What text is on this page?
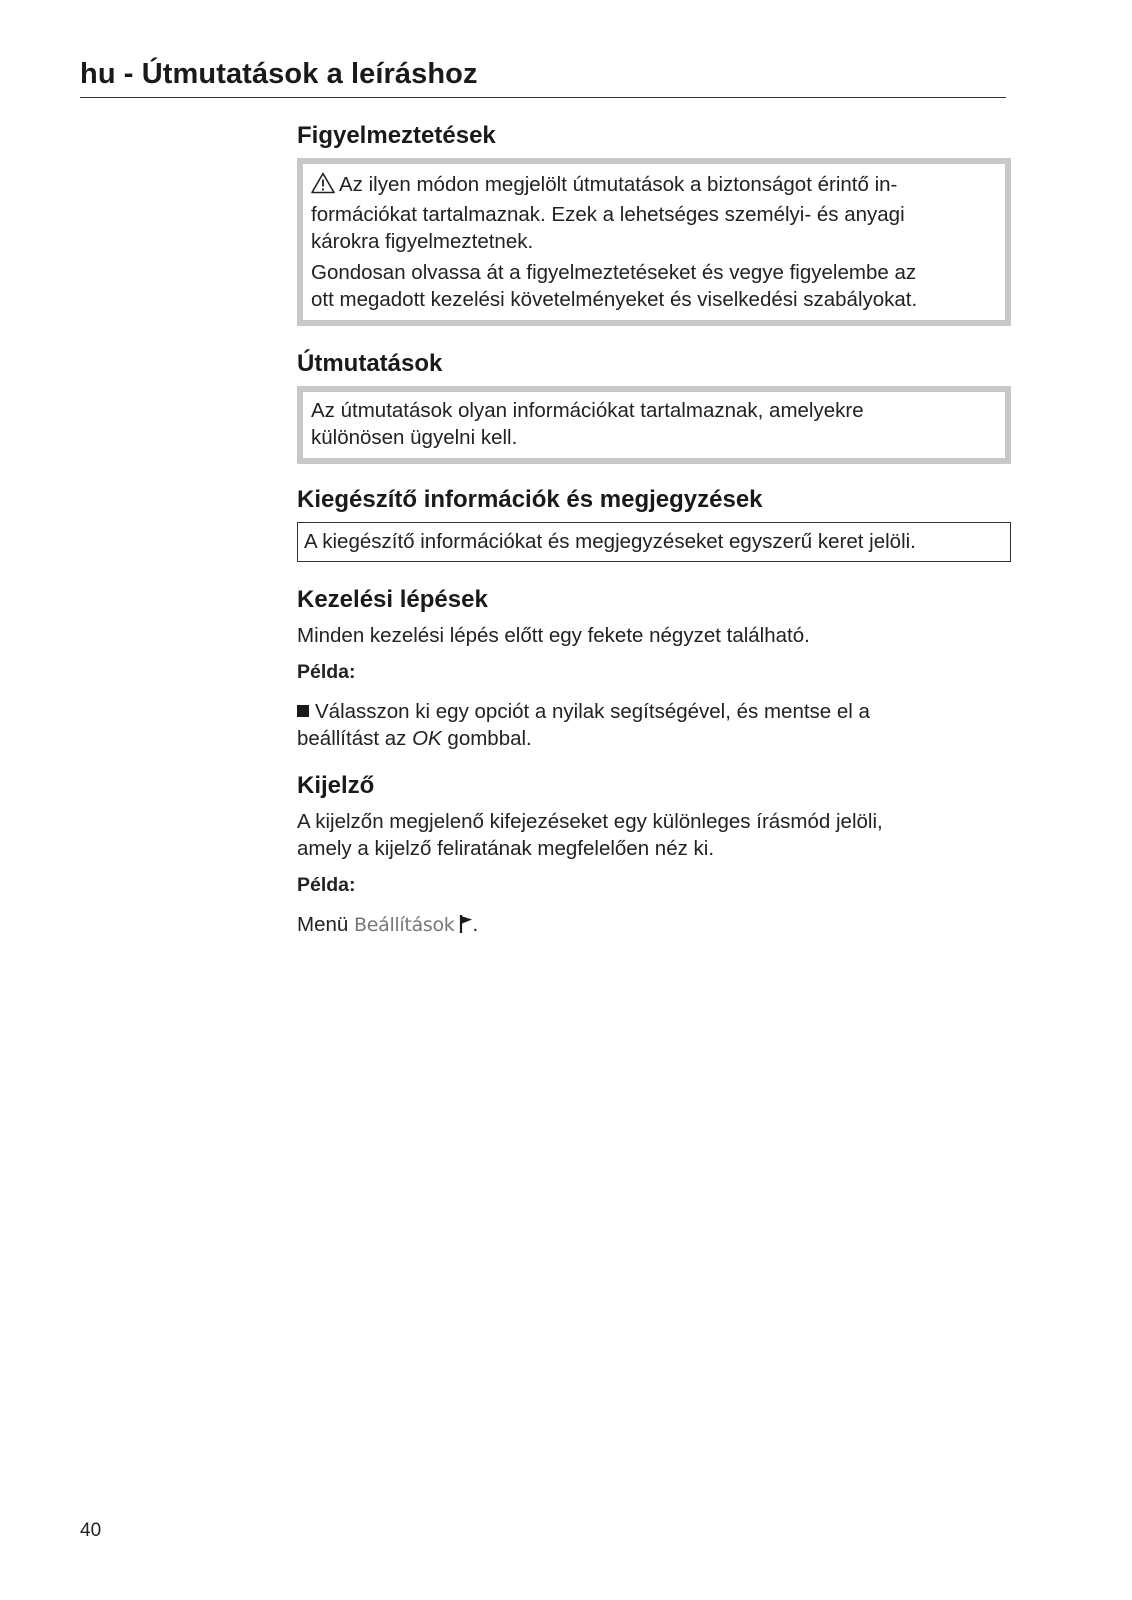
hu - Útmutatások a leíráshoz
Figyelmeztetések

Az ilyen módon megjelölt útmutatások a biztonságot érintő in-
formációkat tartalmaznak. Ezek a lehetséges személyi- és anyagi
károkra figyelmeztetnek.

Gondosan olvassa át a figyelmeztetéseket és vegye figyelembe az
ott megadott kezelési követelményeket és viselkedési szabályokat.

Útmutatások

Az útmutatások olyan információkat tartalmaznak, amelyekre
különösen ügyelni kell.

Kiegészítő információk és megjegyzések

A kiegészítő információkat és megjegyzéseket egyszerű keret jelöli.

Kezelési lépések

Minden kezelési lépés előtt egy fekete négyzet található.

Példa:

Válasszon ki egy opciót a nyilak segítségével, és mentse el a
beállítást az OK gombbal.

Kijelző

A kijelzőn megjelenő kifejezéseket egy különleges írásmód jelöli,
amely a kijelző feliratának megfelelően néz ki.

Példa:

Menü Beállítások .

40
